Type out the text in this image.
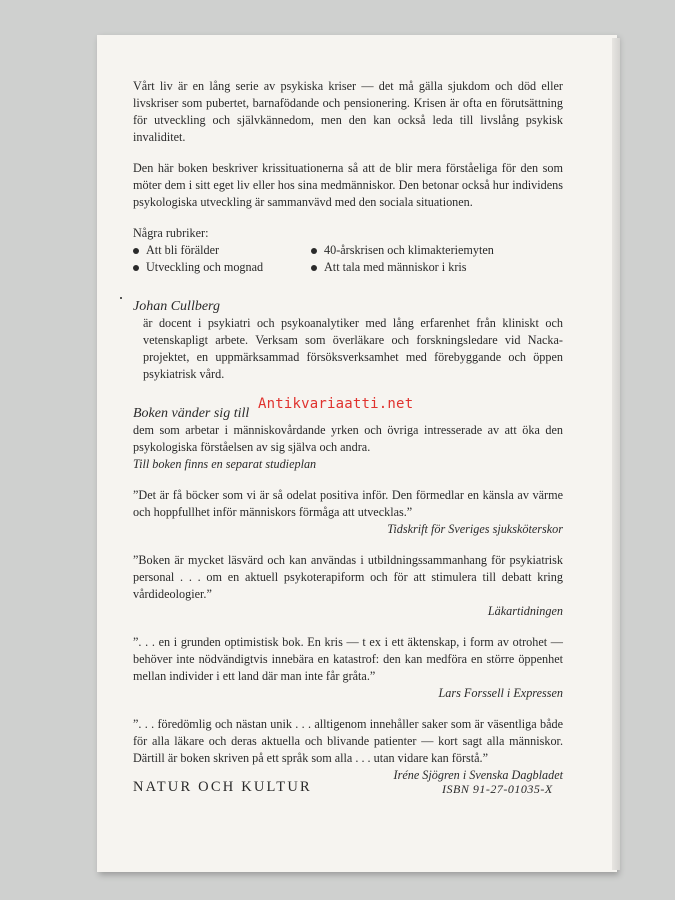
Vårt liv är en lång serie av psykiska kriser — det må gälla sjukdom och död eller livskriser som pubertet, barnafödande och pensionering. Krisen är ofta en förutsättning för utveckling och självkännedom, men den kan också leda till livslång psykisk invaliditet.

Den här boken beskriver krissituationerna så att de blir mera förståeliga för den som möter dem i sitt eget liv eller hos sina medmänniskor. Den betonar också hur individens psykologiska utveckling är sammanvävd med den sociala situationen.

Några rubriker:

Att bli förälder	40-årskrisen och klimakteriemyten
Utveckling och mognad	Att tala med människor i kris

Johan Cullberg

är docent i psykiatri och psykoanalytiker med lång erfarenhet från kliniskt och vetenskapligt arbete. Verksam som överläkare och forskningsledare vid Nacka-projektet, en uppmärksammad försöksverksamhet med förebyggande och öppen psykiatrisk vård.

Boken vänder sig till

dem som arbetar i människovårdande yrken och övriga intresserade av att öka den psykologiska förståelsen av sig själva och andra.

Till boken finns en separat studieplan

”Det är få böcker som vi är så odelat positiva inför. Den förmedlar en känsla av värme och hoppfullhet inför människors förmåga att utvecklas.”

Tidskrift för Sveriges sjuksköterskor

”Boken är mycket läsvärd och kan användas i utbildningssammanhang för psykiatrisk personal . . . om en aktuell psykoterapiform och för att stimulera till debatt kring vårdideologier.”

Läkartidningen

”. . . en i grunden optimistisk bok. En kris — t ex i ett äktenskap, i form av otrohet — behöver inte nödvändigtvis innebära en katastrof: den kan medföra en större öppenhet mellan individer i ett land där man inte får gråta.”

Lars Forssell i Expressen

”. . . föredömlig och nästan unik . . . alltigenom innehåller saker som är väsentliga både för alla läkare och deras aktuella och blivande patienter — kort sagt alla människor. Därtill är boken skriven på ett språk som alla . . . utan vidare kan förstå.”

Iréne Sjögren i Svenska Dagbladet

NATUR OCH KULTUR	ISBN 91-27-01035-X
Antikvariaatti.net
